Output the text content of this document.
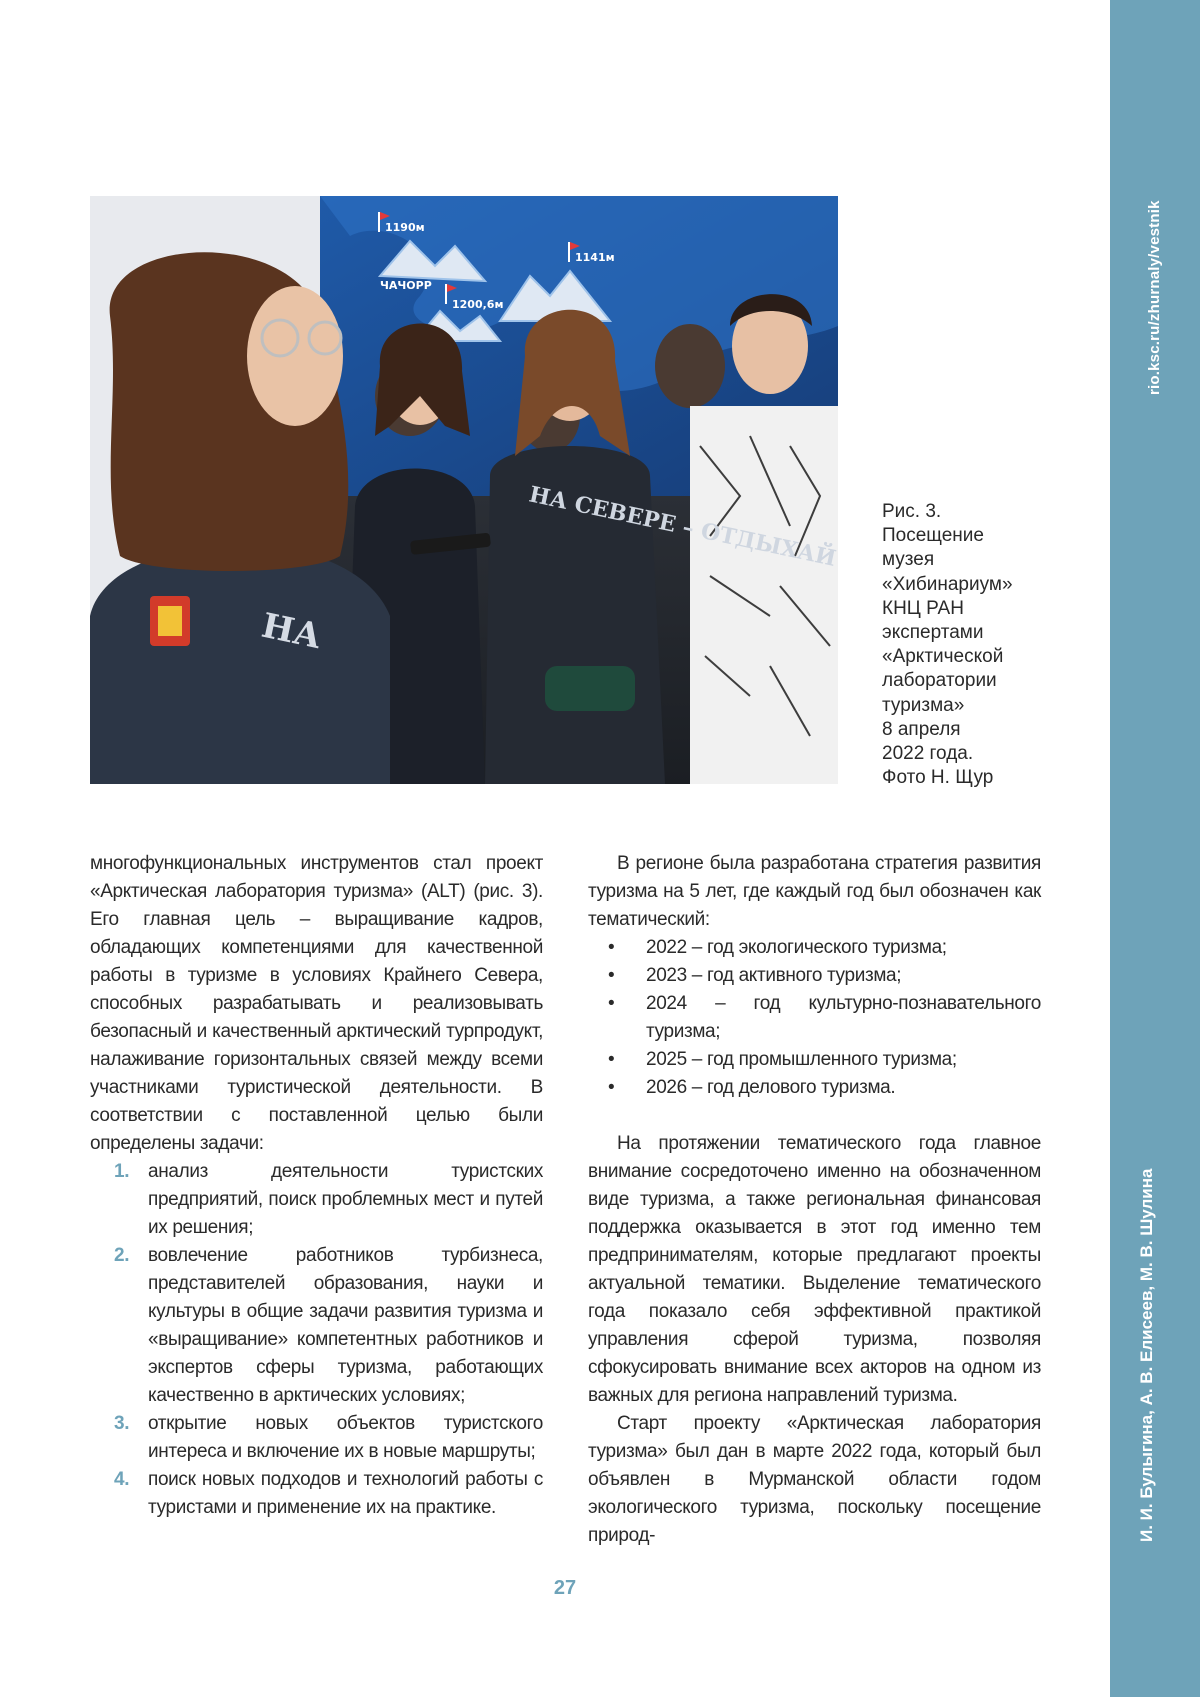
rio.ksc.ru/zhurnaly/vestnik
И. И. Булыгина, А. В. Елисеев, М. В. Шулина
1190м
ЧАЧОРР
1141м
1200,6м
НА СЕВЕРЕ – ОТДЫХАЙ
НА
Рис. 3.
Посещение
музея
«Хибинариум»
КНЦ РАН
экспертами
«Арктической
лаборатории
туризма»
8 апреля
2022 года.
Фото Н. Щур

многофункциональных инструментов стал проект «Арктическая лаборатория туризма» (ALT) (рис. 3). Его главная цель – выращивание кадров, обладающих компетенциями для качественной работы в туризме в условиях Крайнего Севера, способных разрабатывать и реализовывать безопасный и качественный арктический турпродукт, налаживание горизонтальных связей между всеми участниками туристической деятельности. В соответствии с поставленной целью были определены задачи:

1. анализ деятельности туристских предприятий, поиск проблемных мест и путей их решения;
2. вовлечение работников турбизнеса, представителей образования, науки и культуры в общие задачи развития туризма и «выращивание» компетентных работников и экспертов сферы туризма, работающих качественно в арктических условиях;
3. открытие новых объектов туристского интереса и включение их в новые маршруты;
4. поиск новых подходов и технологий работы с туристами и применение их на практике.

В регионе была разработана стратегия развития туризма на 5 лет, где каждый год был обозначен как тематический:

• 2022 – год экологического туризма;
• 2023 – год активного туризма;
• 2024 – год культурно-познавательного туризма;
• 2025 – год промышленного туризма;
• 2026 – год делового туризма.

На протяжении тематического года главное внимание сосредоточено именно на обозначенном виде туризма, а также региональная финансовая поддержка оказывается в этот год именно тем предпринимателям, которые предлагают проекты актуальной тематики. Выделение тематического года показало себя эффективной практикой управления сферой туризма, позволяя сфокусировать внимание всех акторов на одном из важных для региона направлений туризма.

Старт проекту «Арктическая лаборатория туризма» был дан в марте 2022 года, который был объявлен в Мурманской области годом экологического туризма, поскольку посещение природ-

27
